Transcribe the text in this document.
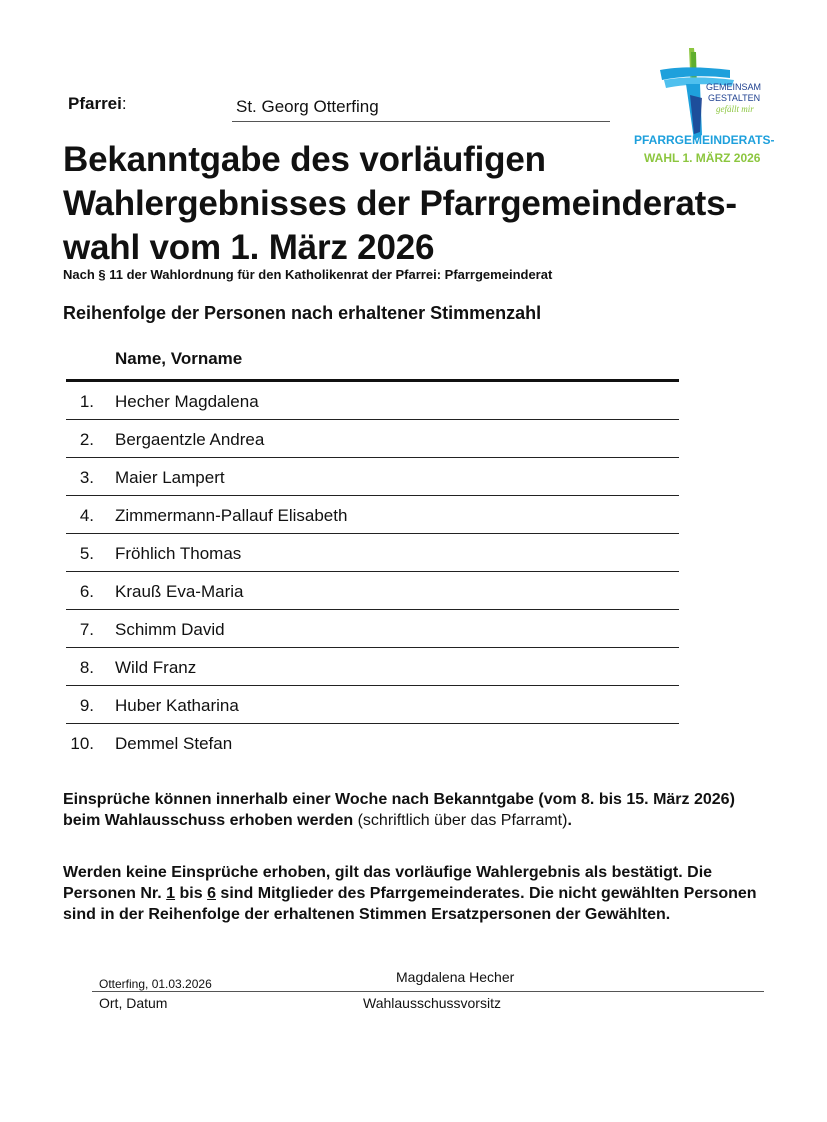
Pfarrei:	St. Georg Otterfing
GEMEINSAM
GESTALTEN
gefällt mir
PFARRGEMEINDERATS-
WAHL 1. MÄRZ 2026
Bekanntgabe des vorläufigen
Wahlergebnisses der Pfarrgemeinderats-
wahl vom 1. März 2026
Nach § 11 der Wahlordnung für den Katholikenrat der Pfarrei: Pfarrgemeinderat
Reihenfolge der Personen nach erhaltener Stimmenzahl
Name, Vorname
1. Hecher Magdalena
2. Bergaentzle Andrea
3. Maier Lampert
4. Zimmermann-Pallauf Elisabeth
5. Fröhlich Thomas
6. Krauß Eva-Maria
7. Schimm David
8. Wild Franz
9. Huber Katharina
10. Demmel Stefan
Einsprüche können innerhalb einer Woche nach Bekanntgabe (vom 8. bis 15. März 2026) beim Wahlausschuss erhoben werden (schriftlich über das Pfarramt).
Werden keine Einsprüche erhoben, gilt das vorläufige Wahlergebnis als bestätigt. Die Personen Nr. 1 bis 6 sind Mitglieder des Pfarrgemeinderates. Die nicht gewählten Personen sind in der Reihenfolge der erhaltenen Stimmen Ersatzpersonen der Gewählten.
Otterfing, 01.03.2026	Magdalena Hecher
Ort, Datum	Wahlausschussvorsitz
